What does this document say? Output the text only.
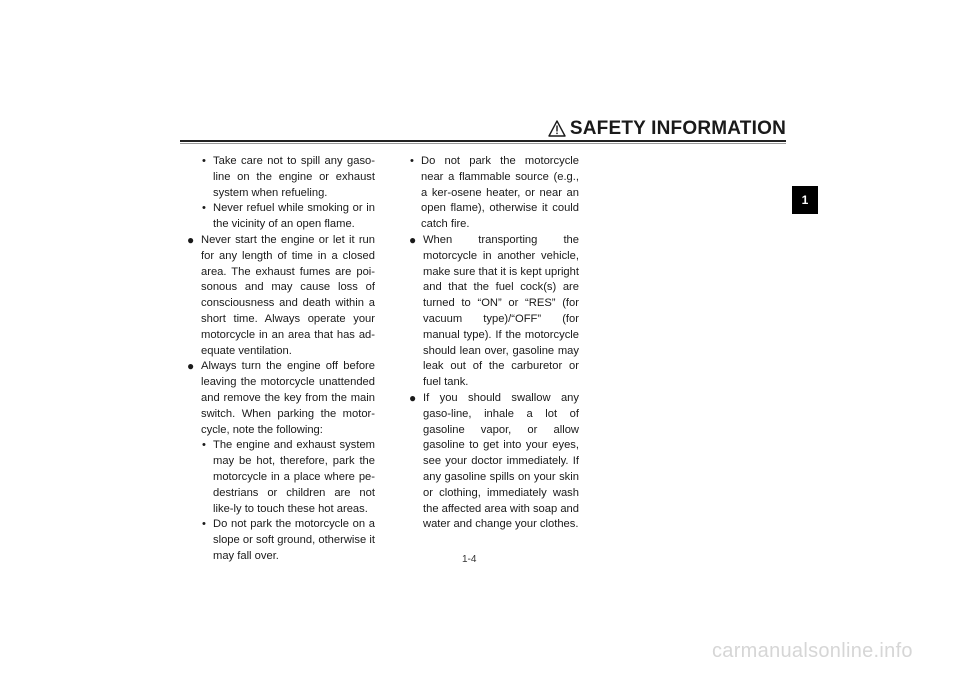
SAFETY INFORMATION
1
• Take care not to spill any gaso-line on the engine or exhaust system when refueling.
• Never refuel while smoking or in the vicinity of an open flame.
● Never start the engine or let it run for any length of time in a closed area. The exhaust fumes are poi-sonous and may cause loss of consciousness and death within a short time. Always operate your motorcycle in an area that has ad-equate ventilation.
● Always turn the engine off before leaving the motorcycle unattended and remove the key from the main switch. When parking the motor-cycle, note the following:
• The engine and exhaust system may be hot, therefore, park the motorcycle in a place where pe-destrians or children are not like-ly to touch these hot areas.
• Do not park the motorcycle on a slope or soft ground, otherwise it may fall over.
• Do not park the motorcycle near a flammable source (e.g., a ker-osene heater, or near an open flame), otherwise it could catch fire.
● When transporting the motorcycle in another vehicle, make sure that it is kept upright and that the fuel cock(s) are turned to “ON” or “RES” (for vacuum type)/“OFF” (for manual type). If the motorcycle should lean over, gasoline may leak out of the carburetor or fuel tank.
● If you should swallow any gaso-line, inhale a lot of gasoline vapor, or allow gasoline to get into your eyes, see your doctor immediately. If any gasoline spills on your skin or clothing, immediately wash the affected area with soap and water and change your clothes.
1-4
carmanualsonline.info
